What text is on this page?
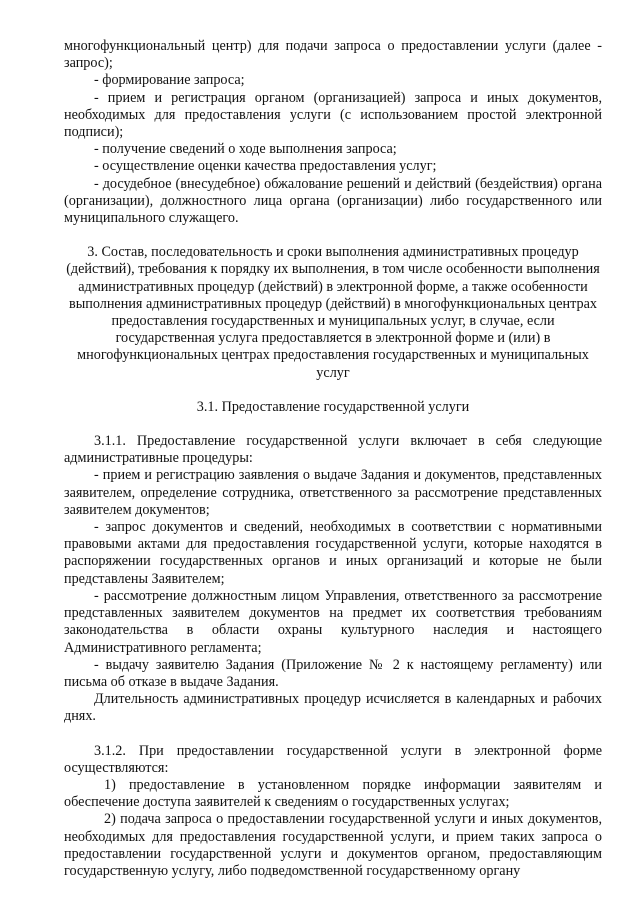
многофункциональный центр) для подачи запроса о предоставлении услуги (далее - запрос);

- формирование запроса;

- прием и регистрация органом (организацией) запроса и иных документов, необходимых для предоставления услуги (с использованием простой электронной подписи);

- получение сведений о ходе выполнения запроса;

- осуществление оценки качества предоставления услуг;

- досудебное (внесудебное) обжалование решений и действий (бездействия) органа (организации), должностного лица органа (организации) либо государственного или муниципального служащего.

3. Состав, последовательность и сроки выполнения административных процедур (действий), требования к порядку их выполнения, в том числе особенности выполнения административных процедур (действий) в электронной форме, а также особенности выполнения административных процедур (действий) в многофункциональных центрах предоставления государственных и муниципальных услуг, в случае, если государственная услуга предоставляется в электронной форме и (или) в многофункциональных центрах предоставления государственных и муниципальных услуг

3.1. Предоставление государственной услуги

3.1.1. Предоставление государственной услуги включает в себя следующие административные процедуры:

- прием и регистрацию заявления о выдаче Задания и документов, представленных заявителем, определение сотрудника, ответственного за рассмотрение представленных заявителем документов;

- запрос документов и сведений, необходимых в соответствии с нормативными правовыми актами для предоставления государственной услуги, которые находятся в распоряжении государственных органов и иных организаций и которые не были представлены Заявителем;

- рассмотрение должностным лицом Управления, ответственного за рассмотрение представленных заявителем документов на предмет их соответствия требованиям законодательства в области охраны культурного наследия и настоящего Административного регламента;

- выдачу заявителю Задания (Приложение № 2 к настоящему регламенту) или письма об отказе в выдаче Задания.

Длительность административных процедур исчисляется в календарных и рабочих днях.

3.1.2. При предоставлении государственной услуги в электронной форме осуществляются:

1) предоставление в установленном порядке информации заявителям и обеспечение доступа заявителей к сведениям о государственных услугах;

2) подача запроса о предоставлении государственной услуги и иных документов, необходимых для предоставления государственной услуги, и прием таких запроса о предоставлении государственной услуги и документов органом, предоставляющим государственную услугу, либо подведомственной государственному органу
